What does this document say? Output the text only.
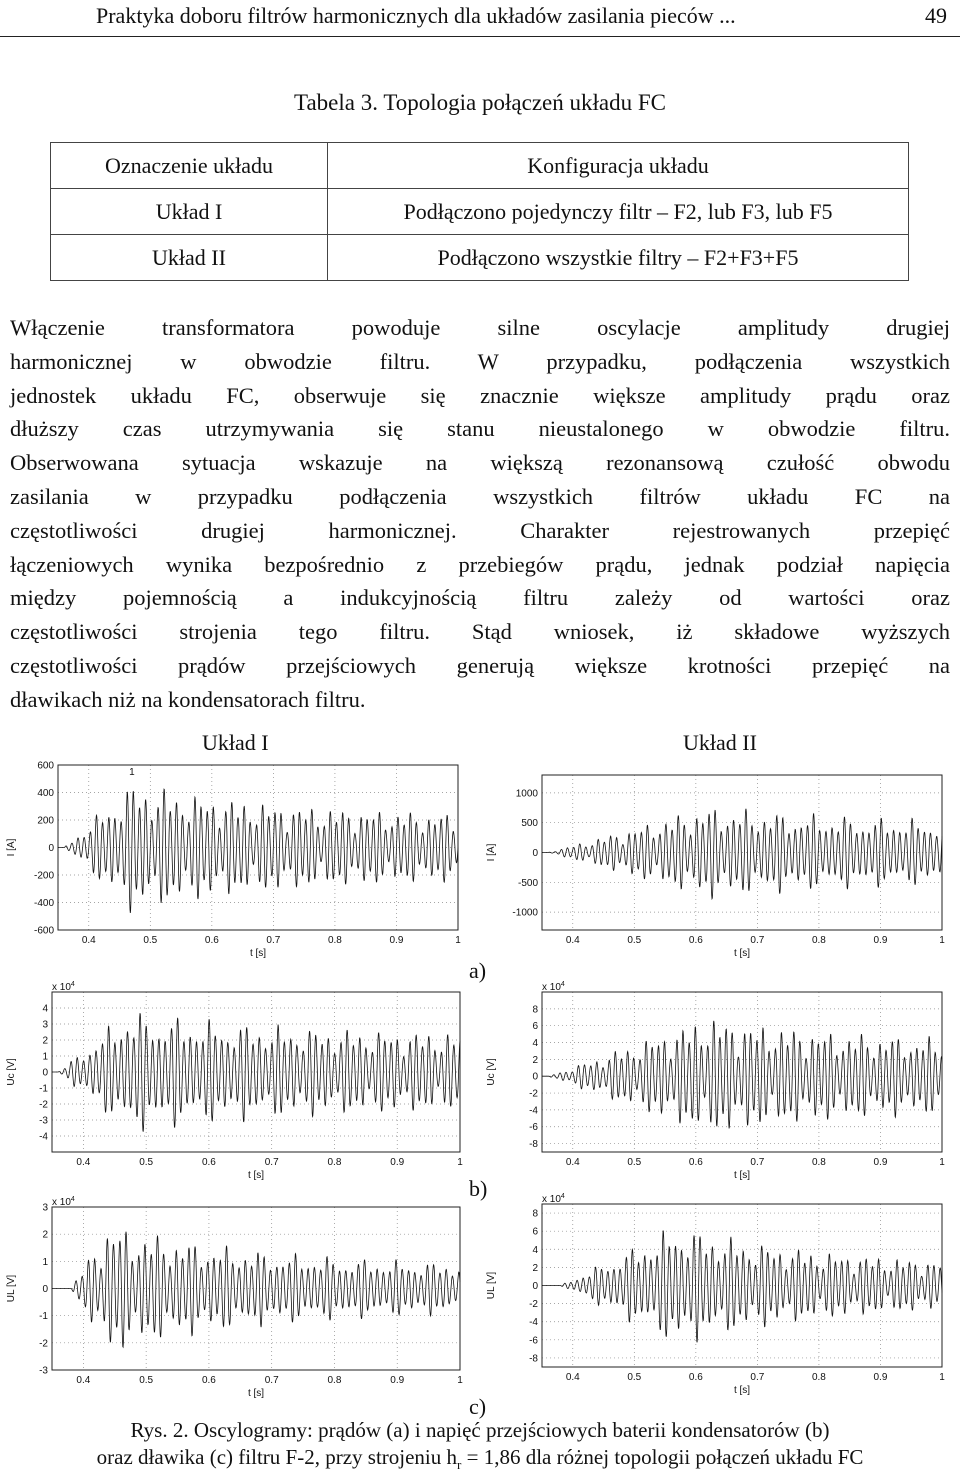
Praktyka doboru filtrów harmonicznych dla układów zasilania pieców ...	49
Tabela 3. Topologia połączeń układu FC
Oznaczenie układu	Konfiguracja układu
Układ I	Podłączono pojedynczy filtr – F2, lub F3, lub F5
Układ II	Podłączono wszystkie filtry – F2+F3+F5
Włączenie transformatora powoduje silne oscylacje amplitudy drugiej
harmonicznej w obwodzie filtru. W przypadku, podłączenia wszystkich
jednostek układu FC, obserwuje się znacznie większe amplitudy prądu oraz
dłuższy czas utrzymywania się stanu nieustalonego w obwodzie filtru.
Obserwowana sytuacja wskazuje na większą rezonansową czułość obwodu
zasilania w przypadku podłączenia wszystkich filtrów układu FC na
częstotliwości drugiej harmonicznej. Charakter rejestrowanych przepięć
łączeniowych wynika bezpośrednio z przebiegów prądu, jednak podział napięcia
między pojemnością a indukcyjnością filtru zależy od wartości oraz
częstotliwości strojenia tego filtru. Stąd wniosek, iż składowe wyższych
częstotliwości prądów przejściowych generują większe krotności przepięć na
dławikach niż na kondensatorach filtru.
Układ I	Układ II
0.4	0.5	0.6	0.7	0.8	0.9	1
600
400
200
0
-200
-400
-600
t [s]
I [A]
1
0.4	0.5	0.6	0.7	0.8	0.9	1
1000
500
0
-500
-1000
t [s]
I [A]
a)
0.4	0.5	0.6	0.7	0.8	0.9	1
4
3
2
1
0
-1
-2
-3
-4
t [s]
Uc [V]
x $10^4$
0.4	0.5	0.6	0.7	0.8	0.9	1
8
6
4
2
0
-2
-4
-6
-8
t [s]
Uc [V]
x $10^4$
b)
0.4	0.5	0.6	0.7	0.8	0.9	1
3
2
1
0
-1
-2
-3
t [s]
UL [V]
x $10^4$
0.4	0.5	0.6	0.7	0.8	0.9	1
8
6
4
2
0
-2
-4
-6
-8
t [s]
UL [V]
x $10^4$
c)
Rys. 2. Oscylogramy: prądów (a) i napięć przejściowych baterii kondensatorów (b)
oraz dławika (c) filtru F-2, przy strojeniu $h_r = 1,86$ dla różnej topologii połączeń układu FC
